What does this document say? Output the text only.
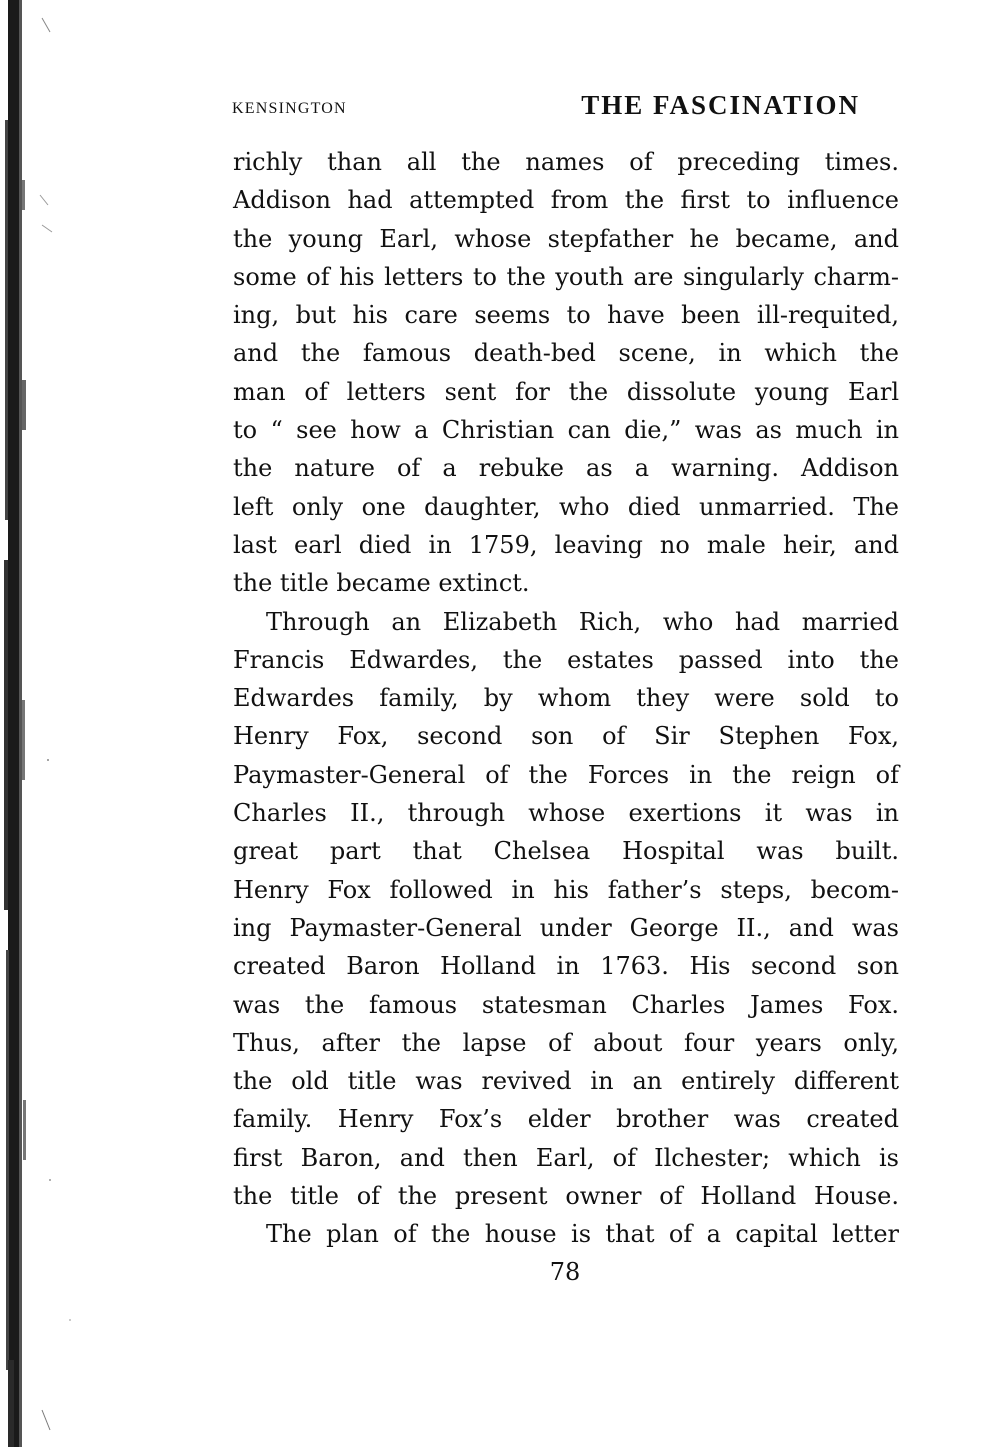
KENSINGTON	THE FASCINATION

richly than all the names of preceding times.

Addison had attempted from the first to influence

the young Earl, whose stepfather he became, and

some of his letters to the youth are singularly charm-

ing, but his care seems to have been ill-requited,

and the famous death-bed scene, in which the

man of letters sent for the dissolute young Earl

to “ see how a Christian can die,” was as much in

the nature of a rebuke as a warning. Addison

left only one daughter, who died unmarried. The

last earl died in 1759, leaving no male heir, and

the title became extinct.

Through an Elizabeth Rich, who had married

Francis Edwardes, the estates passed into the

Edwardes family, by whom they were sold to

Henry Fox, second son of Sir Stephen Fox,

Paymaster-General of the Forces in the reign of

Charles II., through whose exertions it was in

great part that Chelsea Hospital was built.

Henry Fox followed in his father’s steps, becom-

ing Paymaster-General under George II., and was

created Baron Holland in 1763. His second son

was the famous statesman Charles James Fox.

Thus, after the lapse of about four years only,

the old title was revived in an entirely different

family. Henry Fox’s elder brother was created

first Baron, and then Earl, of Ilchester; which is

the title of the present owner of Holland House.

The plan of the house is that of a capital letter

78
